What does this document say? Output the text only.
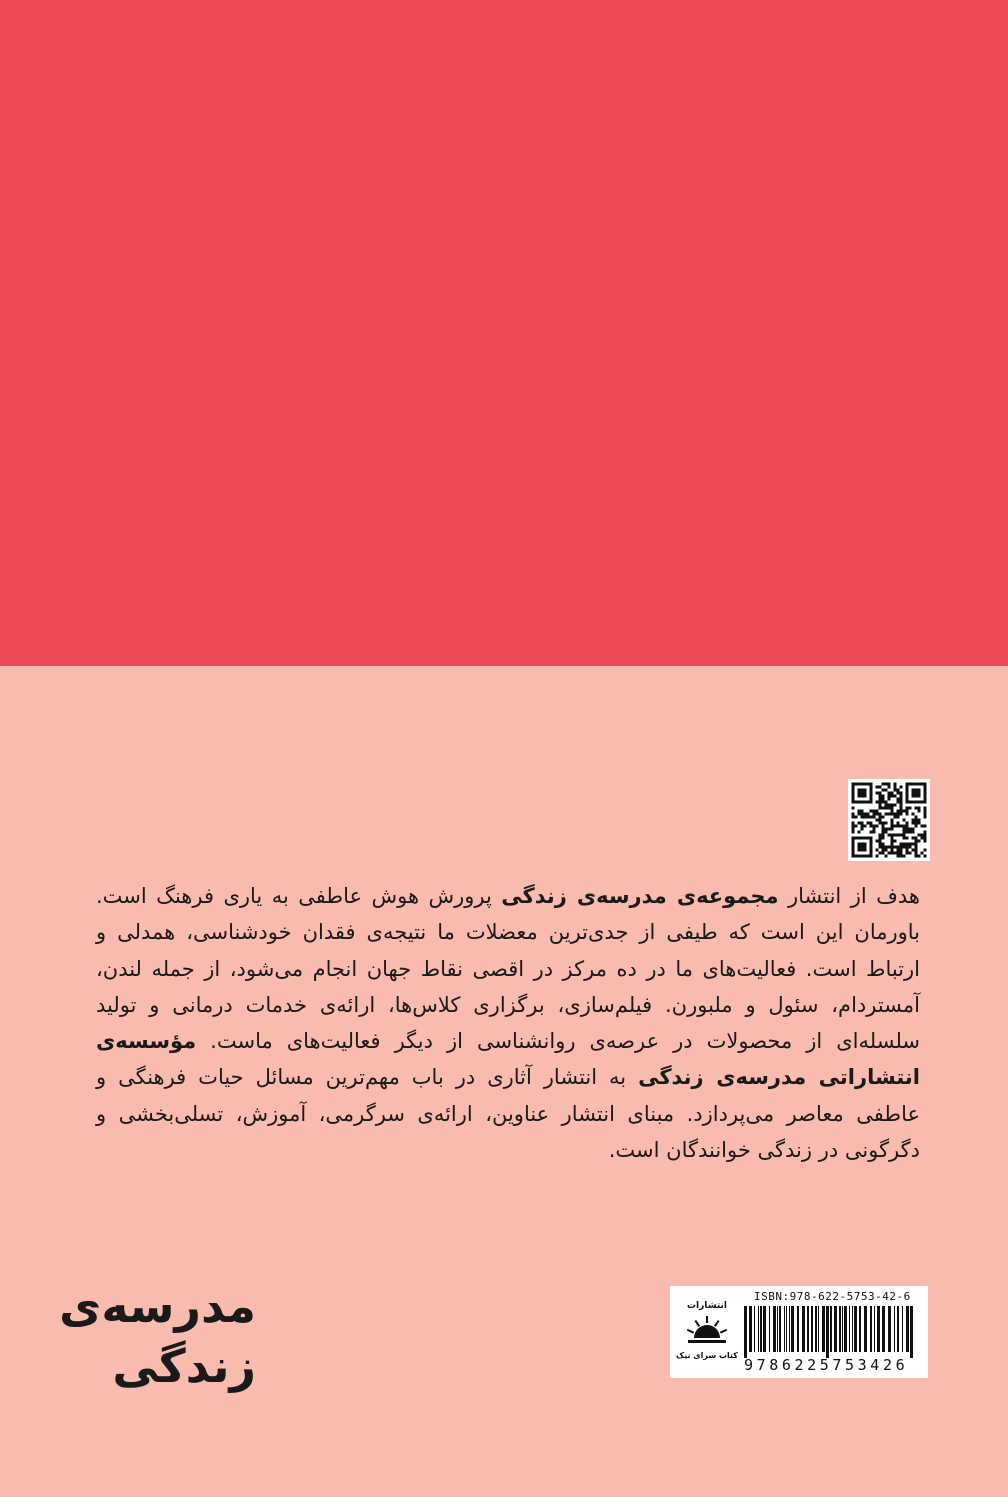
هدف از انتشار مجموعه‌ی مدرسه‌ی زندگی پرورش هوش عاطفی به یاری فرهنگ است. باورمان این است که طیفی از جدی‌ترین معضلات ما نتیجه‌ی فقدان خودشناسی، همدلی و ارتباط است. فعالیت‌های ما در ده مرکز در اقصی نقاط جهان انجام می‌شود، از جمله لندن، آمستردام، سئول و ملبورن. فیلم‌سازی، برگزاری کلاس‌ها، ارائه‌ی خدمات درمانی و تولید سلسله‌ای از محصولات در عرصه‌ی روانشناسی از دیگر فعالیت‌های ماست. مؤسسه‌ی انتشاراتی مدرسه‌ی زندگی به انتشار آثاری در باب مهم‌ترین مسائل حیات فرهنگی و عاطفی معاصر می‌پردازد. مبنای انتشار عناوین، ارائه‌ی سرگرمی، آموزش، تسلی‌بخشی و دگرگونی در زندگی خوانندگان است.

مدرسه‌ی
زندگی
انتشارات
کتاب سرای نیک
ISBN:978-622-5753-42-6
9786225753426
